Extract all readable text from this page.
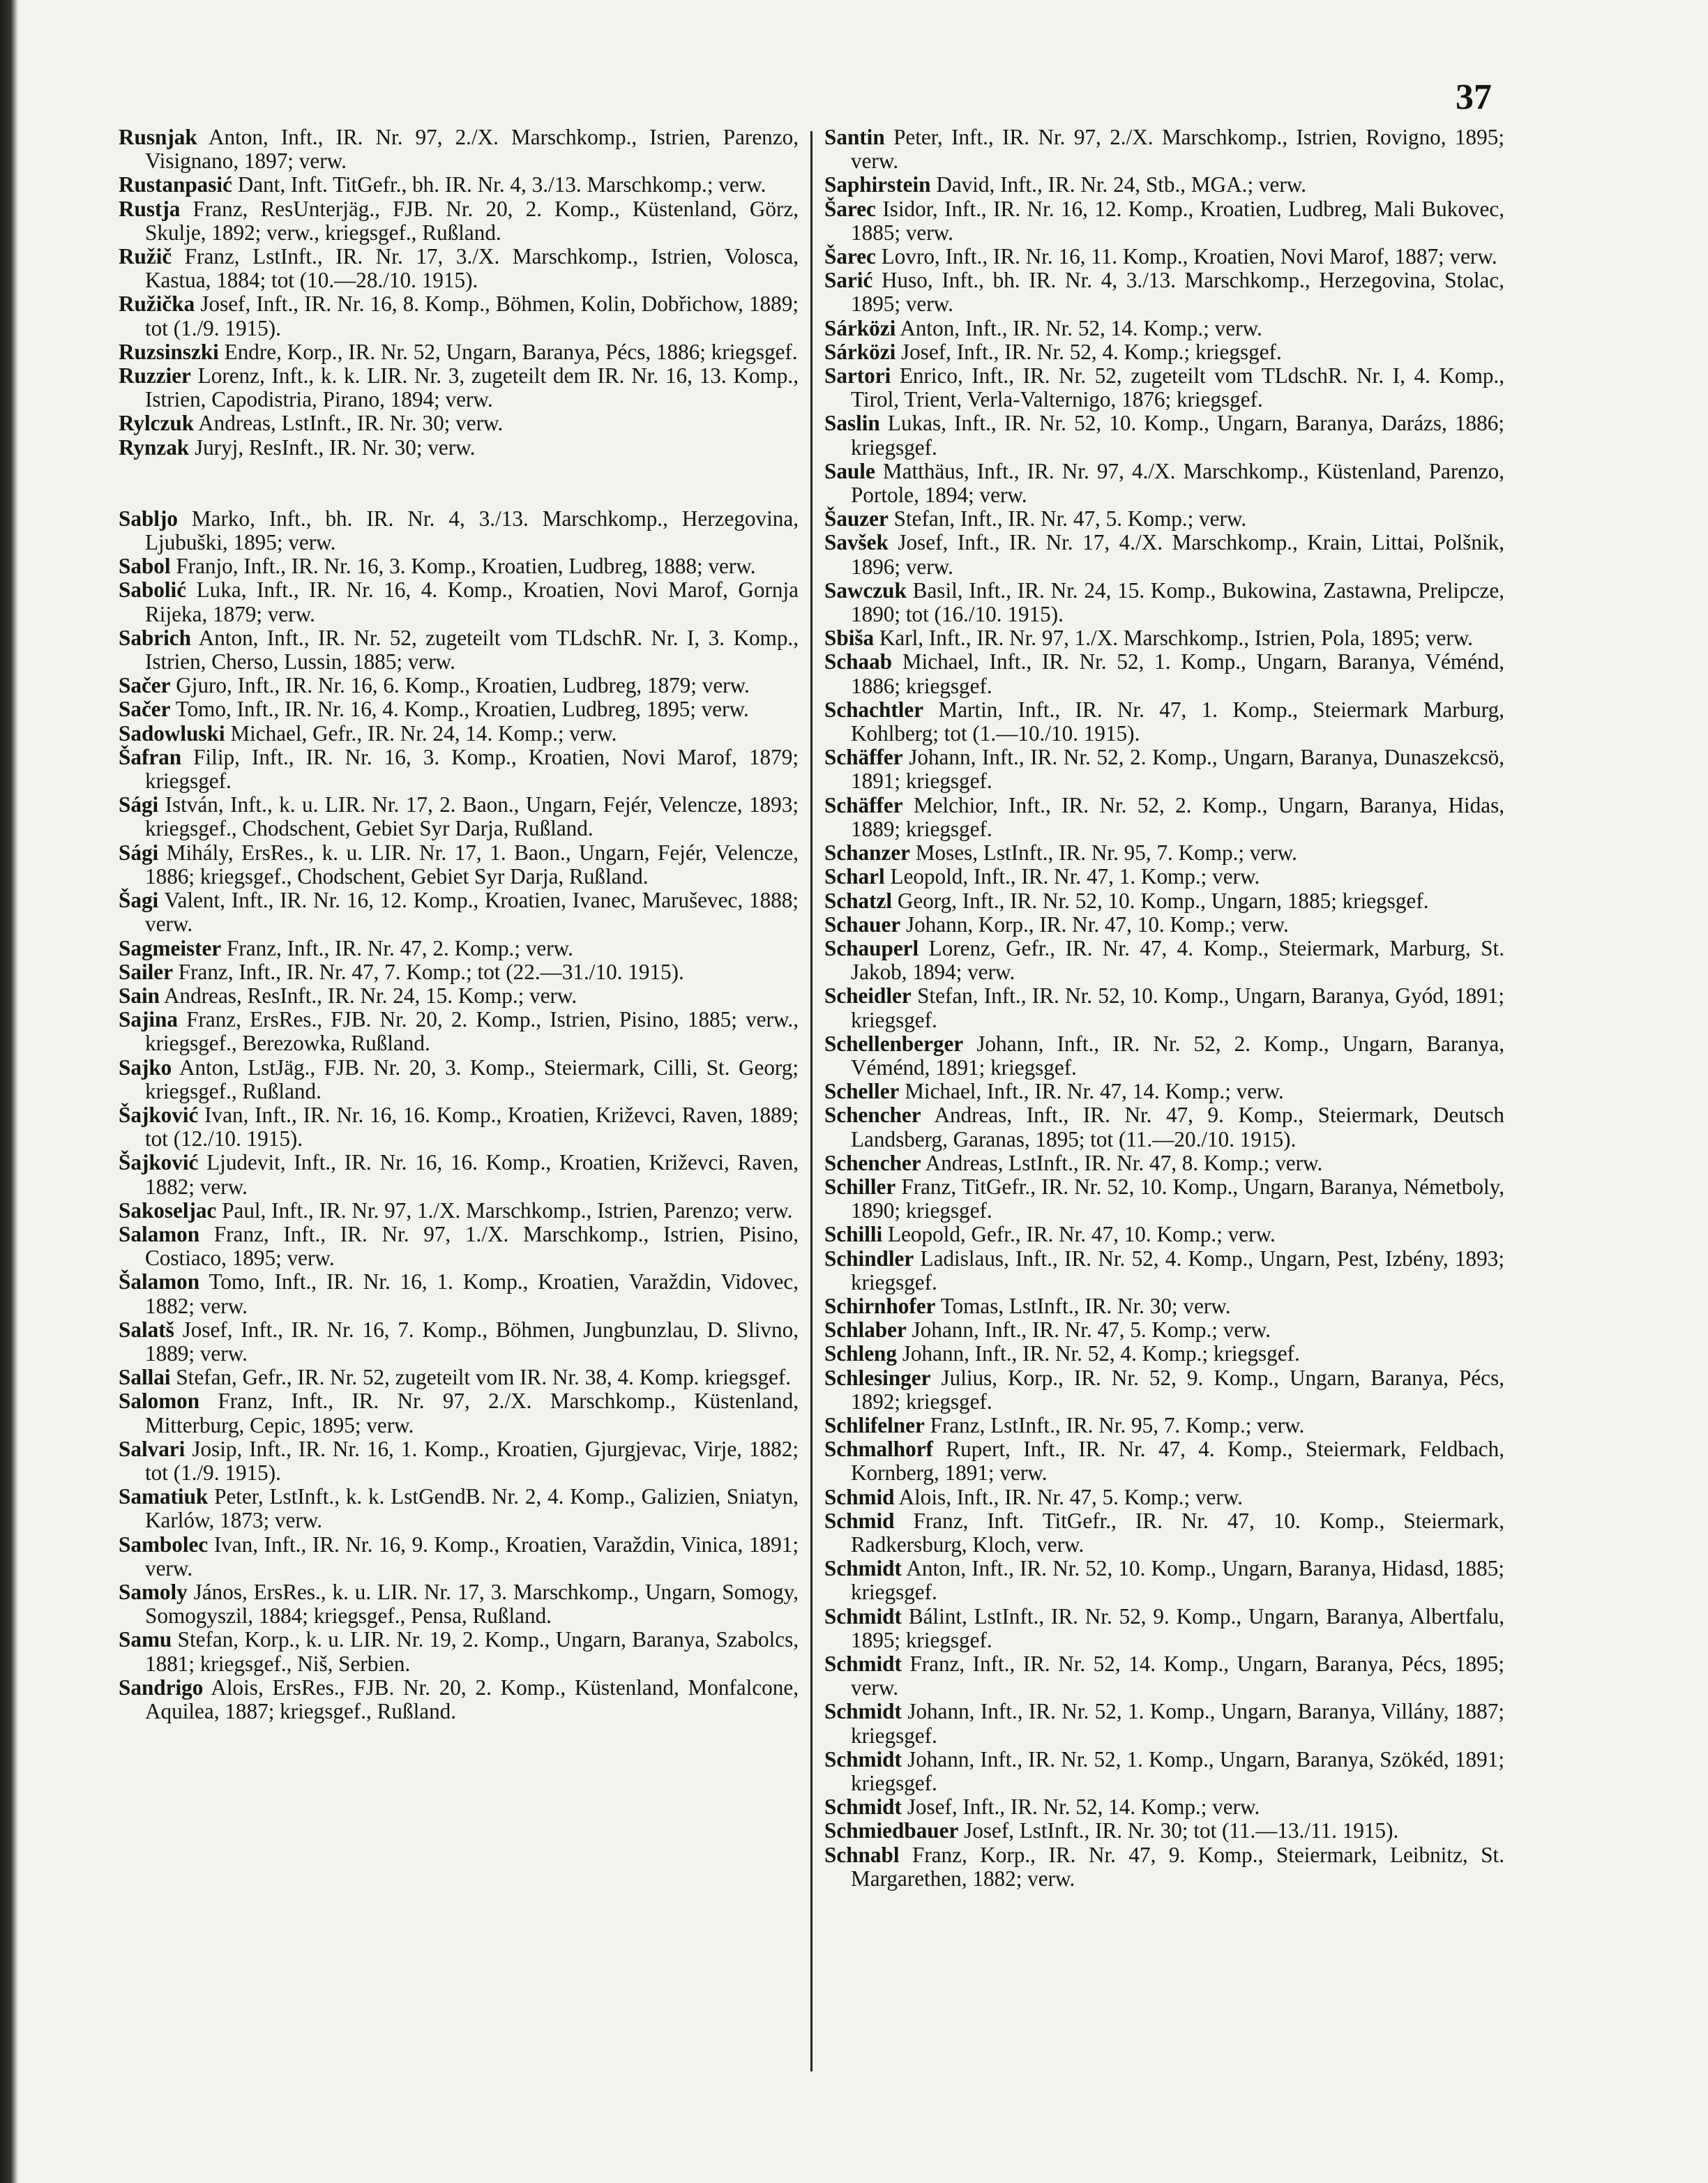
37

Rusnjak Anton, Inft., IR. Nr. 97, 2./X. Marschkomp., Istrien, Parenzo, Visignano, 1897; verw.

Rustanpasić Dant, Inft. TitGefr., bh. IR. Nr. 4, 3./13. Marschkomp.; verw.

Rustja Franz, ResUnterjäg., FJB. Nr. 20, 2. Komp., Küstenland, Görz, Skulje, 1892; verw., kriegsgef., Rußland.

Ružič Franz, LstInft., IR. Nr. 17, 3./X. Marschkomp., Istrien, Volosca, Kastua, 1884; tot (10.—28./10. 1915).

Ružička Josef, Inft., IR. Nr. 16, 8. Komp., Böhmen, Kolin, Dobřichow, 1889; tot (1./9. 1915).

Ruzsinszki Endre, Korp., IR. Nr. 52, Ungarn, Baranya, Pécs, 1886; kriegsgef.

Ruzzier Lorenz, Inft., k. k. LIR. Nr. 3, zugeteilt dem IR. Nr. 16, 13. Komp., Istrien, Capodistria, Pirano, 1894; verw.

Rylczuk Andreas, LstInft., IR. Nr. 30; verw.

Rynzak Juryj, ResInft., IR. Nr. 30; verw.

Sabljo Marko, Inft., bh. IR. Nr. 4, 3./13. Marschkomp., Herzegovina, Ljubuški, 1895; verw.

Sabol Franjo, Inft., IR. Nr. 16, 3. Komp., Kroatien, Ludbreg, 1888; verw.

Sabolić Luka, Inft., IR. Nr. 16, 4. Komp., Kroatien, Novi Marof, Gornja Rijeka, 1879; verw.

Sabrich Anton, Inft., IR. Nr. 52, zugeteilt vom TLdschR. Nr. I, 3. Komp., Istrien, Cherso, Lussin, 1885; verw.

Sačer Gjuro, Inft., IR. Nr. 16, 6. Komp., Kroatien, Ludbreg, 1879; verw.

Sačer Tomo, Inft., IR. Nr. 16, 4. Komp., Kroatien, Ludbreg, 1895; verw.

Sadowluski Michael, Gefr., IR. Nr. 24, 14. Komp.; verw.

Šafran Filip, Inft., IR. Nr. 16, 3. Komp., Kroatien, Novi Marof, 1879; kriegsgef.

Sági István, Inft., k. u. LIR. Nr. 17, 2. Baon., Ungarn, Fejér, Velencze, 1893; kriegsgef., Chodschent, Gebiet Syr Darja, Rußland.

Sági Mihály, ErsRes., k. u. LIR. Nr. 17, 1. Baon., Ungarn, Fejér, Velencze, 1886; kriegsgef., Chodschent, Gebiet Syr Darja, Rußland.

Šagi Valent, Inft., IR. Nr. 16, 12. Komp., Kroatien, Ivanec, Maruševec, 1888; verw.

Sagmeister Franz, Inft., IR. Nr. 47, 2. Komp.; verw.

Sailer Franz, Inft., IR. Nr. 47, 7. Komp.; tot (22.—31./10. 1915).

Sain Andreas, ResInft., IR. Nr. 24, 15. Komp.; verw.

Sajina Franz, ErsRes., FJB. Nr. 20, 2. Komp., Istrien, Pisino, 1885; verw., kriegsgef., Berezowka, Rußland.

Sajko Anton, LstJäg., FJB. Nr. 20, 3. Komp., Steiermark, Cilli, St. Georg; kriegsgef., Rußland.

Šajković Ivan, Inft., IR. Nr. 16, 16. Komp., Kroatien, Križevci, Raven, 1889; tot (12./10. 1915).

Šajković Ljudevit, Inft., IR. Nr. 16, 16. Komp., Kroatien, Križevci, Raven, 1882; verw.

Sakoseljac Paul, Inft., IR. Nr. 97, 1./X. Marschkomp., Istrien, Parenzo; verw.

Salamon Franz, Inft., IR. Nr. 97, 1./X. Marschkomp., Istrien, Pisino, Costiaco, 1895; verw.

Šalamon Tomo, Inft., IR. Nr. 16, 1. Komp., Kroatien, Varaždin, Vidovec, 1882; verw.

Salatš Josef, Inft., IR. Nr. 16, 7. Komp., Böhmen, Jungbunzlau, D. Slivno, 1889; verw.

Sallai Stefan, Gefr., IR. Nr. 52, zugeteilt vom IR. Nr. 38, 4. Komp. kriegsgef.

Salomon Franz, Inft., IR. Nr. 97, 2./X. Marschkomp., Küstenland, Mitterburg, Cepic, 1895; verw.

Salvari Josip, Inft., IR. Nr. 16, 1. Komp., Kroatien, Gjurgjevac, Virje, 1882; tot (1./9. 1915).

Samatiuk Peter, LstInft., k. k. LstGendB. Nr. 2, 4. Komp., Galizien, Sniatyn, Karlów, 1873; verw.

Sambolec Ivan, Inft., IR. Nr. 16, 9. Komp., Kroatien, Varaždin, Vinica, 1891; verw.

Samoly János, ErsRes., k. u. LIR. Nr. 17, 3. Marschkomp., Ungarn, Somogy, Somogyszil, 1884; kriegsgef., Pensa, Rußland.

Samu Stefan, Korp., k. u. LIR. Nr. 19, 2. Komp., Ungarn, Baranya, Szabolcs, 1881; kriegsgef., Niš, Serbien.

Sandrigo Alois, ErsRes., FJB. Nr. 20, 2. Komp., Küstenland, Monfalcone, Aquilea, 1887; kriegsgef., Rußland.

Santin Peter, Inft., IR. Nr. 97, 2./X. Marschkomp., Istrien, Rovigno, 1895; verw.

Saphirstein David, Inft., IR. Nr. 24, Stb., MGA.; verw.

Šarec Isidor, Inft., IR. Nr. 16, 12. Komp., Kroatien, Ludbreg, Mali Bukovec, 1885; verw.

Šarec Lovro, Inft., IR. Nr. 16, 11. Komp., Kroatien, Novi Marof, 1887; verw.

Sarić Huso, Inft., bh. IR. Nr. 4, 3./13. Marschkomp., Herzegovina, Stolac, 1895; verw.

Sárközi Anton, Inft., IR. Nr. 52, 14. Komp.; verw.

Sárközi Josef, Inft., IR. Nr. 52, 4. Komp.; kriegsgef.

Sartori Enrico, Inft., IR. Nr. 52, zugeteilt vom TLdschR. Nr. I, 4. Komp., Tirol, Trient, Verla-Valternigo, 1876; kriegsgef.

Saslin Lukas, Inft., IR. Nr. 52, 10. Komp., Ungarn, Baranya, Darázs, 1886; kriegsgef.

Saule Matthäus, Inft., IR. Nr. 97, 4./X. Marschkomp., Küstenland, Parenzo, Portole, 1894; verw.

Šauzer Stefan, Inft., IR. Nr. 47, 5. Komp.; verw.

Savšek Josef, Inft., IR. Nr. 17, 4./X. Marschkomp., Krain, Littai, Polšnik, 1896; verw.

Sawczuk Basil, Inft., IR. Nr. 24, 15. Komp., Bukowina, Zastawna, Prelipcze, 1890; tot (16./10. 1915).

Sbiša Karl, Inft., IR. Nr. 97, 1./X. Marschkomp., Istrien, Pola, 1895; verw.

Schaab Michael, Inft., IR. Nr. 52, 1. Komp., Ungarn, Baranya, Véménd, 1886; kriegsgef.

Schachtler Martin, Inft., IR. Nr. 47, 1. Komp., Steiermark Marburg, Kohlberg; tot (1.—10./10. 1915).

Schäffer Johann, Inft., IR. Nr. 52, 2. Komp., Ungarn, Baranya, Dunaszekcsö, 1891; kriegsgef.

Schäffer Melchior, Inft., IR. Nr. 52, 2. Komp., Ungarn, Baranya, Hidas, 1889; kriegsgef.

Schanzer Moses, LstInft., IR. Nr. 95, 7. Komp.; verw.

Scharl Leopold, Inft., IR. Nr. 47, 1. Komp.; verw.

Schatzl Georg, Inft., IR. Nr. 52, 10. Komp., Ungarn, 1885; kriegsgef.

Schauer Johann, Korp., IR. Nr. 47, 10. Komp.; verw.

Schauperl Lorenz, Gefr., IR. Nr. 47, 4. Komp., Steiermark, Marburg, St. Jakob, 1894; verw.

Scheidler Stefan, Inft., IR. Nr. 52, 10. Komp., Ungarn, Baranya, Gyód, 1891; kriegsgef.

Schellenberger Johann, Inft., IR. Nr. 52, 2. Komp., Ungarn, Baranya, Véménd, 1891; kriegsgef.

Scheller Michael, Inft., IR. Nr. 47, 14. Komp.; verw.

Schencher Andreas, Inft., IR. Nr. 47, 9. Komp., Steiermark, Deutsch Landsberg, Garanas, 1895; tot (11.—20./10. 1915).

Schencher Andreas, LstInft., IR. Nr. 47, 8. Komp.; verw.

Schiller Franz, TitGefr., IR. Nr. 52, 10. Komp., Ungarn, Baranya, Németboly, 1890; kriegsgef.

Schilli Leopold, Gefr., IR. Nr. 47, 10. Komp.; verw.

Schindler Ladislaus, Inft., IR. Nr. 52, 4. Komp., Ungarn, Pest, Izbény, 1893; kriegsgef.

Schirnhofer Tomas, LstInft., IR. Nr. 30; verw.

Schlaber Johann, Inft., IR. Nr. 47, 5. Komp.; verw.

Schleng Johann, Inft., IR. Nr. 52, 4. Komp.; kriegsgef.

Schlesinger Julius, Korp., IR. Nr. 52, 9. Komp., Ungarn, Baranya, Pécs, 1892; kriegsgef.

Schlifelner Franz, LstInft., IR. Nr. 95, 7. Komp.; verw.

Schmalhorf Rupert, Inft., IR. Nr. 47, 4. Komp., Steiermark, Feldbach, Kornberg, 1891; verw.

Schmid Alois, Inft., IR. Nr. 47, 5. Komp.; verw.

Schmid Franz, Inft. TitGefr., IR. Nr. 47, 10. Komp., Steiermark, Radkersburg, Kloch, verw.

Schmidt Anton, Inft., IR. Nr. 52, 10. Komp., Ungarn, Baranya, Hidasd, 1885; kriegsgef.

Schmidt Bálint, LstInft., IR. Nr. 52, 9. Komp., Ungarn, Baranya, Albertfalu, 1895; kriegsgef.

Schmidt Franz, Inft., IR. Nr. 52, 14. Komp., Ungarn, Baranya, Pécs, 1895; verw.

Schmidt Johann, Inft., IR. Nr. 52, 1. Komp., Ungarn, Baranya, Villány, 1887; kriegsgef.

Schmidt Johann, Inft., IR. Nr. 52, 1. Komp., Ungarn, Baranya, Szökéd, 1891; kriegsgef.

Schmidt Josef, Inft., IR. Nr. 52, 14. Komp.; verw.

Schmiedbauer Josef, LstInft., IR. Nr. 30; tot (11.—13./11. 1915).

Schnabl Franz, Korp., IR. Nr. 47, 9. Komp., Steiermark, Leibnitz, St. Margarethen, 1882; verw.
